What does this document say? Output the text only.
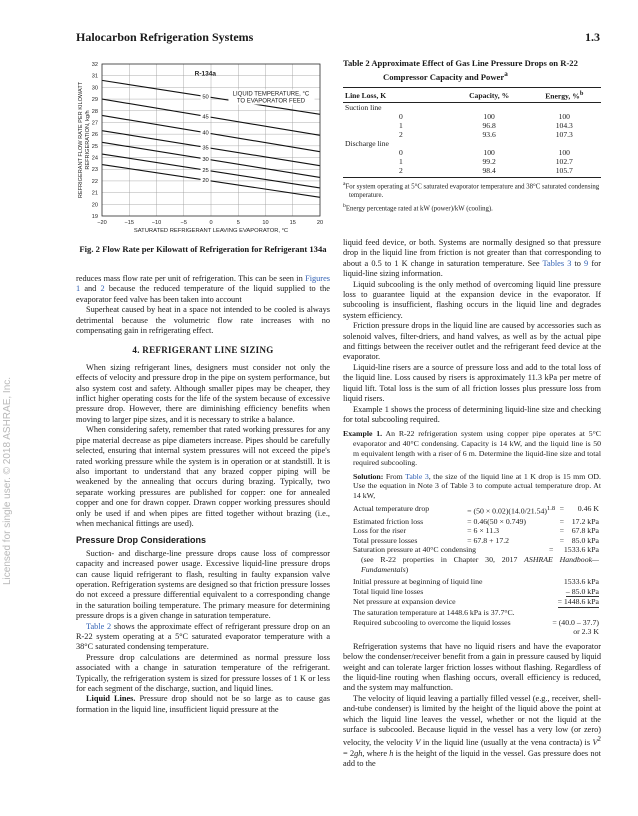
Halocarbon Refrigeration Systems	1.3
Licensed for single user. © 2018 ASHRAE, Inc.
−20	−15	−10	−5	0	5	10	15	20
19
20
21
22
23
24
25
26
27
28
29
30
31
32
50
45
40
35
30
25
20
LIQUID TEMPERATURE, °C TO EVAPORATOR FEED
R-134a
SATURATED REFRIGERANT LEAVING EVAPORATOR, °C
REFRIGERANT FLOW RATE PER KILOWATTREFRIGERATION, kg/h
Fig. 2 Flow Rate per Kilowatt of Refrigeration for Refrigerant 134a
Table 2 Approximate Effect of Gas Line Pressure Drops on R-22 Compressor Capacity and Power$^a$
Line Loss, K	Capacity, %	Energy, %$^b$
Suction line		
0	100	100
1	96.8	104.3
2	93.6	107.3
Discharge line		
0	100	100
1	99.2	102.7
2	98.4	105.7
$^a$For system operating at 5°C saturated evaporator temperature and 38°C saturated condensing temperature.
$^b$Energy percentage rated at kW (power)/kW (cooling).

reduces mass flow rate per unit of refrigeration. This can be seen in Figures 1 and 2 because the reduced temperature of the liquid supplied to the evaporator feed valve has been taken into account

Superheat caused by heat in a space not intended to be cooled is always detrimental because the volumetric flow rate increases with no compensating gain in refrigerating effect.

4. REFRIGERANT LINE SIZING

When sizing refrigerant lines, designers must consider not only the effects of velocity and pressure drop in the pipe on system performance, but also system cost and safety. Although smaller pipes may be cheaper, they inflict higher operating costs for the life of the system because of excessive pressure drop. However, there are diminishing efficiency benefits when moving to larger pipe sizes, and it is necessary to strike a balance.

When considering safety, remember that rated working pressures for any pipe material decrease as pipe diameters increase. Pipes should be carefully selected, ensuring that internal system pressures will not exceed the pipe's rated working pressure while the system is in operation or at standstill. It is also important to understand that any brazed copper piping will be weakened by the annealing that occurs during brazing. Typically, two separate working pressures are published for copper: one for annealed copper and one for drawn copper. Drawn copper working pressures should only be used if and when pipes are fitted together without brazing (i.e., when mechanical fittings are used).

Pressure Drop Considerations

Suction- and discharge-line pressure drops cause loss of compressor capacity and increased power usage. Excessive liquid-line pressure drops can cause liquid refrigerant to flash, resulting in faulty expansion valve operation. Refrigeration systems are designed so that friction pressure losses do not exceed a pressure differential equivalent to a corresponding change in the saturation boiling temperature. The primary measure for determining pressure drops is a given change in saturation temperature.

Table 2 shows the approximate effect of refrigerant pressure drop on an R-22 system operating at a 5°C saturated evaporator temperature with a 38°C saturated condensing temperature.

Pressure drop calculations are determined as normal pressure loss associated with a change in saturation temperature of the refrigerant. Typically, the refrigeration system is sized for pressure losses of 1 K or less for each segment of the discharge, suction, and liquid lines.

Liquid Lines. Pressure drop should not be so large as to cause gas formation in the liquid line, insufficient liquid pressure at the

liquid feed device, or both. Systems are normally designed so that pressure drop in the liquid line from friction is not greater than that corresponding to about a 0.5 to 1 K change in saturation temperature. See Tables 3 to 9 for liquid-line sizing information.

Liquid subcooling is the only method of overcoming liquid line pressure loss to guarantee liquid at the expansion device in the evaporator. If subcooling is insufficient, flashing occurs in the liquid line and degrades system efficiency.

Friction pressure drops in the liquid line are caused by accessories such as solenoid valves, filter-driers, and hand valves, as well as by the actual pipe and fittings between the receiver outlet and the refrigerant feed device at the evaporator.

Liquid-line risers are a source of pressure loss and add to the total loss of the liquid line. Loss caused by risers is approximately 11.3 kPa per metre of liquid lift. Total loss is the sum of all friction losses plus pressure loss from liquid risers.

Example 1 shows the process of determining liquid-line size and checking for total subcooling required.

Example 1. An R-22 refrigeration system using copper pipe operates at 5°C evaporator and 40°C condensing. Capacity is 14 kW, and the liquid line is 50 m equivalent length with a riser of 6 m. Determine the liquid-line size and total required subcooling.
Solution: From Table 3, the size of the liquid line at 1 K drop is 15 mm OD. Use the equation in Note 3 of Table 3 to compute actual temperature drop. At 14 kW,
Actual temperature drop	= $(50 \times 0.02)(14.0/21.54)^{1.8}$ =	0.46 K
Estimated friction loss	= 0.46(50 × 0.749)	= 17.2 kPa
Loss for the riser	= 6 × 11.3	= 67.8 kPa
Total pressure losses	= 67.8 + 17.2	= 85.0 kPa
Saturation pressure at 40°C condensing	=	1533.6 kPa
(see R-22 properties in Chapter 30, 2017 ASHRAE Handbook—Fundamentals)
Initial pressure at beginning of liquid line	1533.6 kPa
Total liquid line losses	– 85.0 kPa
Net pressure at expansion device	= 1448.6 kPa
The saturation temperature at 1448.6 kPa is 37.7°C.
Required subcooling to overcome the liquid losses	= (40.0 – 37.7)
or 2.3 K

Refrigeration systems that have no liquid risers and have the evaporator below the condenser/receiver benefit from a gain in pressure caused by liquid weight and can tolerate larger friction losses without flashing. Regardless of the liquid-line routing when flashing occurs, overall efficiency is reduced, and the system may malfunction.

The velocity of liquid leaving a partially filled vessel (e.g., receiver, shell-and-tube condenser) is limited by the height of the liquid above the point at which the liquid line leaves the vessel, whether or not the liquid at the surface is subcooled. Because liquid in the vessel has a very low (or zero) velocity, the velocity V in the liquid line (usually at the vena contracta) is $V^2 = 2gh$, where h is the height of the liquid in the vessel. Gas pressure does not add to the
